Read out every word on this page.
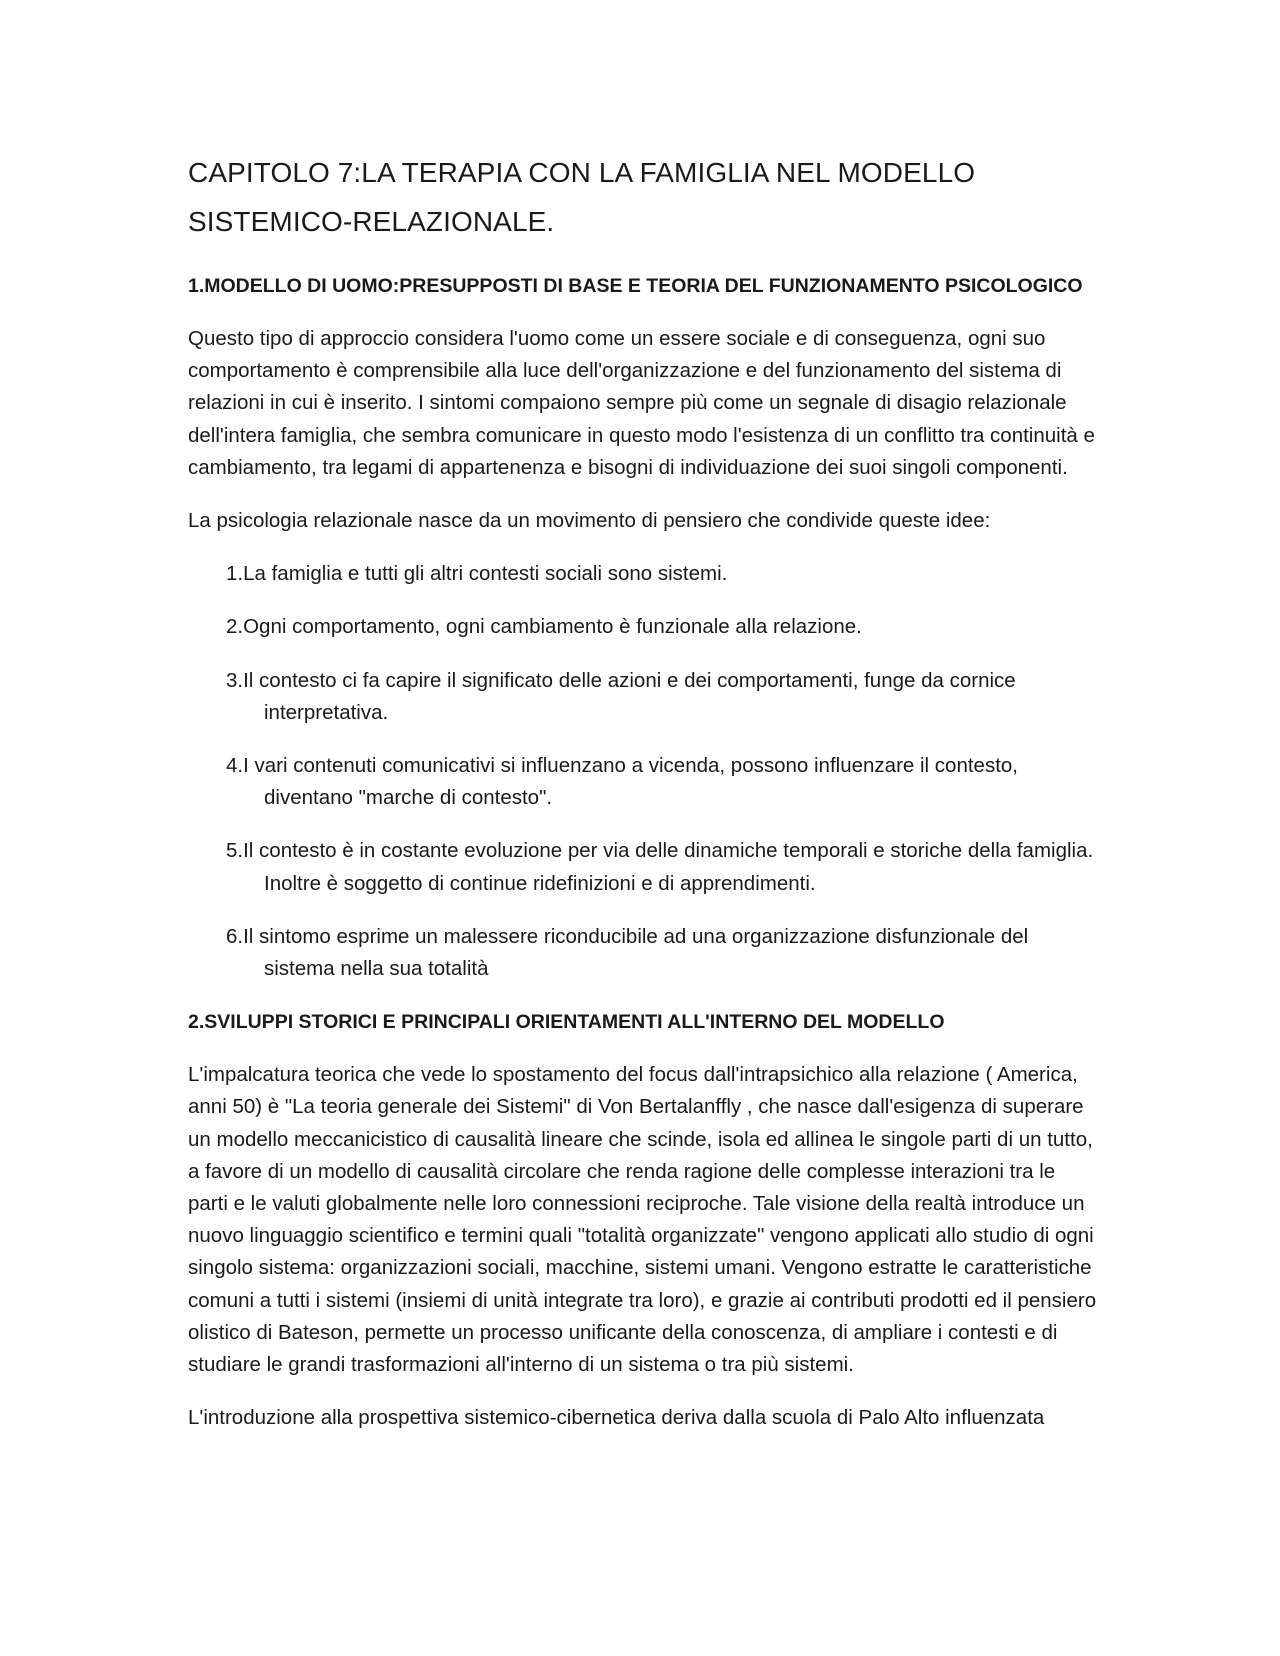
CAPITOLO 7:LA TERAPIA CON LA FAMIGLIA NEL MODELLO SISTEMICO-RELAZIONALE.
1.MODELLO DI UOMO:PRESUPPOSTI DI BASE E TEORIA DEL FUNZIONAMENTO PSICOLOGICO

Questo tipo di approccio considera l'uomo come un essere sociale e di conseguenza, ogni suo comportamento è comprensibile alla luce dell'organizzazione e del funzionamento del sistema di relazioni in cui è inserito. I sintomi compaiono sempre più come un segnale di disagio relazionale dell'intera famiglia, che sembra comunicare in questo modo l'esistenza di un conflitto tra continuità e cambiamento, tra legami di appartenenza e bisogni di individuazione dei suoi singoli componenti.

La psicologia relazionale nasce da un movimento di pensiero che condivide queste idee:

1.La famiglia e tutti gli altri contesti sociali sono sistemi.
2.Ogni comportamento, ogni cambiamento è funzionale alla relazione.
3.Il contesto ci fa capire il significato delle azioni e dei comportamenti, funge da cornice interpretativa.
4.I vari contenuti comunicativi si influenzano a vicenda, possono influenzare il contesto, diventano "marche di contesto".
5.Il contesto è in costante evoluzione per via delle dinamiche temporali e storiche della famiglia. Inoltre è soggetto di continue ridefinizioni e di apprendimenti.
6.Il sintomo esprime un malessere riconducibile ad una organizzazione disfunzionale del sistema nella sua totalità
2.SVILUPPI STORICI E PRINCIPALI ORIENTAMENTI ALL'INTERNO DEL MODELLO

L'impalcatura teorica che vede lo spostamento del focus dall'intrapsichico alla relazione ( America, anni 50) è "La teoria generale dei Sistemi" di Von Bertalanffly , che nasce dall'esigenza di superare un modello meccanicistico di causalità lineare che scinde, isola ed allinea le singole parti di un tutto, a favore di un modello di causalità circolare che renda ragione delle complesse interazioni tra le parti e le valuti globalmente nelle loro connessioni reciproche. Tale visione della realtà introduce un nuovo linguaggio scientifico e termini quali "totalità organizzate" vengono applicati allo studio di ogni singolo sistema: organizzazioni sociali, macchine, sistemi umani. Vengono estratte le caratteristiche comuni a tutti i sistemi (insiemi di unità integrate tra loro), e grazie ai contributi prodotti ed il pensiero olistico di Bateson, permette un processo unificante della conoscenza, di ampliare i contesti e di studiare le grandi trasformazioni all'interno di un sistema o tra più sistemi.

L'introduzione alla prospettiva sistemico-cibernetica deriva dalla scuola di Palo Alto influenzata
